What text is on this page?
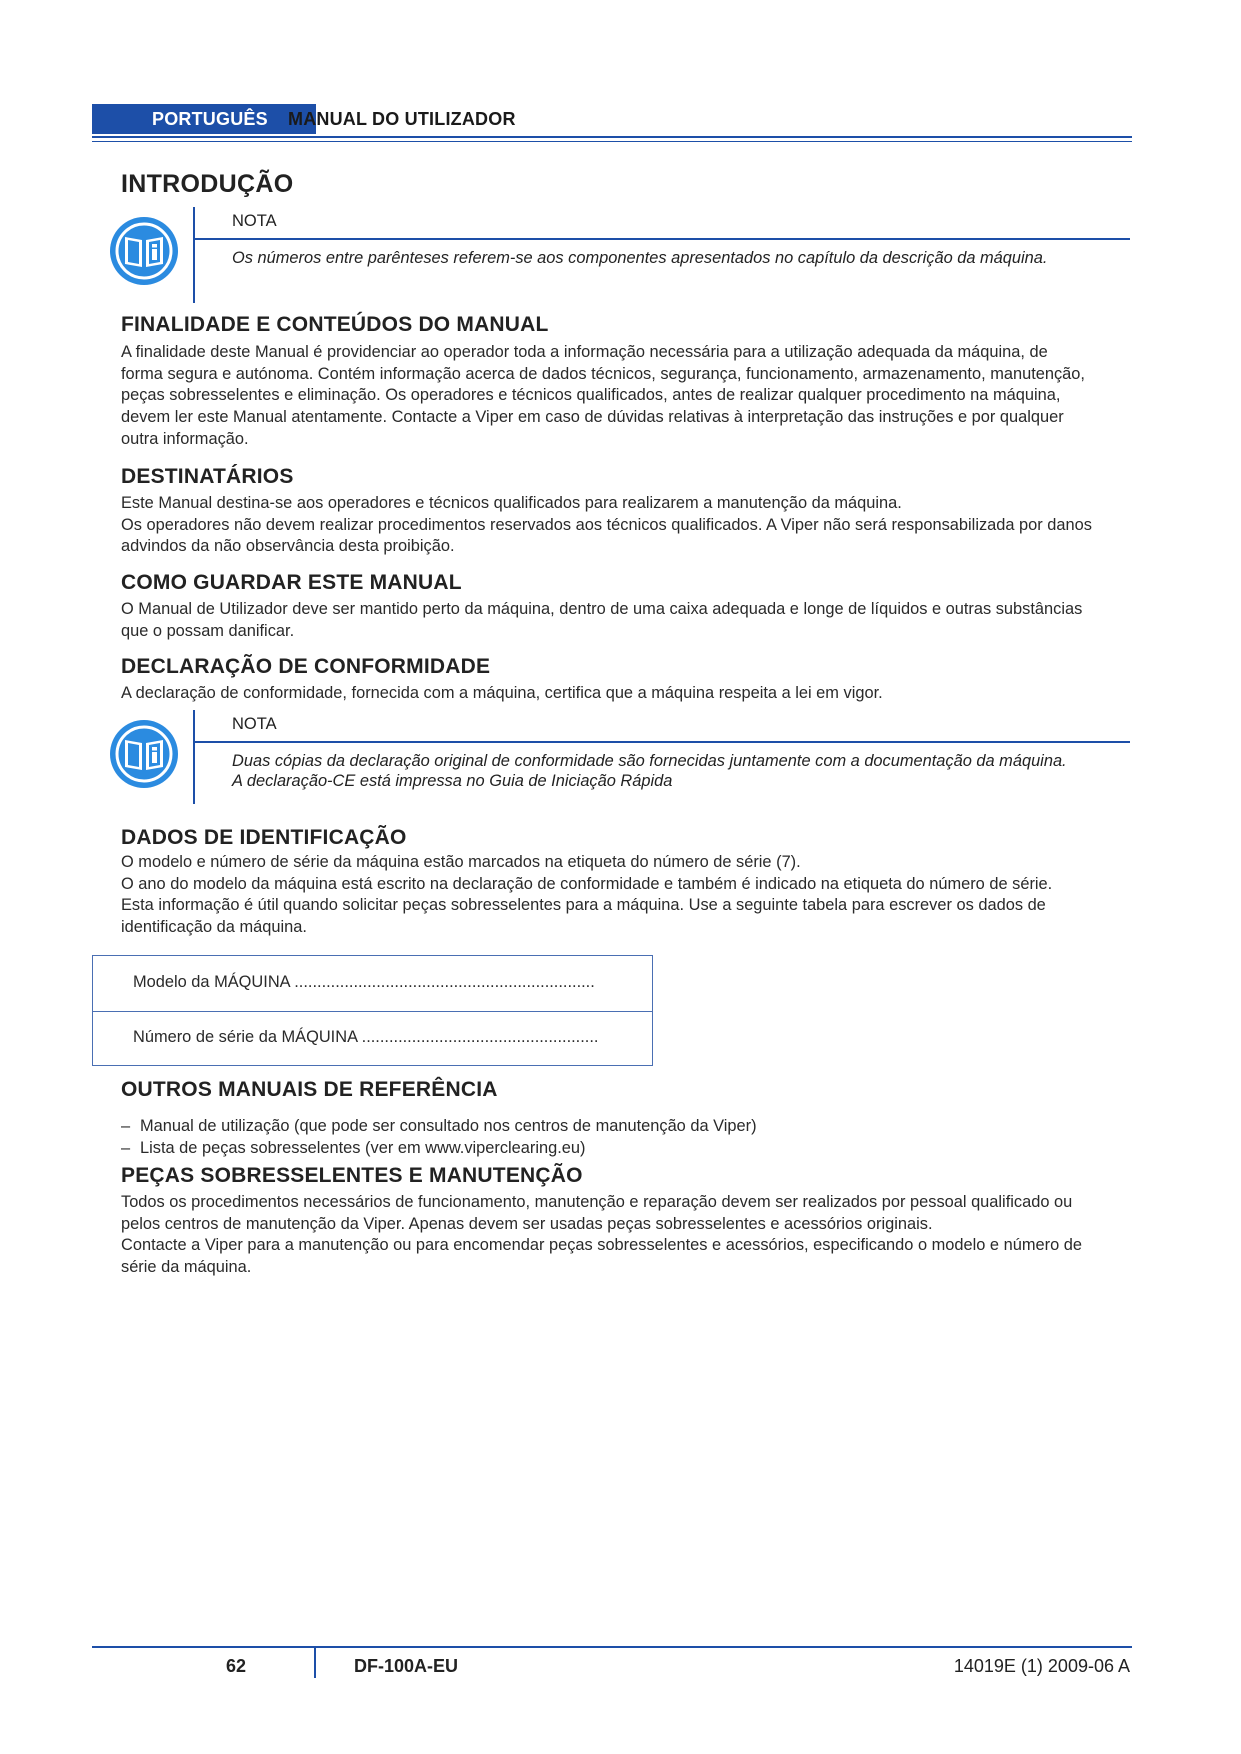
PORTUGUÊS MANUAL DO UTILIZADOR
INTRODUÇÃO
NOTA
Os números entre parênteses referem-se aos componentes apresentados no capítulo da descrição da máquina.
FINALIDADE E CONTEÚDOS DO MANUAL

A finalidade deste Manual é providenciar ao operador toda a informação necessária para a utilização adequada da máquina, de

forma segura e autónoma. Contém informação acerca de dados técnicos, segurança, funcionamento, armazenamento, manutenção,

peças sobresselentes e eliminação. Os operadores e técnicos qualificados, antes de realizar qualquer procedimento na máquina,

devem ler este Manual atentamente. Contacte a Viper em caso de dúvidas relativas à interpretação das instruções e por qualquer

outra informação.

DESTINATÁRIOS

Este Manual destina-se aos operadores e técnicos qualificados para realizarem a manutenção da máquina.

Os operadores não devem realizar procedimentos reservados aos técnicos qualificados. A Viper não será responsabilizada por danos

advindos da não observância desta proibição.

COMO GUARDAR ESTE MANUAL

O Manual de Utilizador deve ser mantido perto da máquina, dentro de uma caixa adequada e longe de líquidos e outras substâncias

que o possam danificar.

DECLARAÇÃO DE CONFORMIDADE

A declaração de conformidade, fornecida com a máquina, certifica que a máquina respeita a lei em vigor.

NOTA

Duas cópias da declaração original de conformidade são fornecidas juntamente com a documentação da máquina.

A declaração-CE está impressa no Guia de Iniciação Rápida

DADOS DE IDENTIFICAÇÃO

O modelo e número de série da máquina estão marcados na etiqueta do número de série (7).

O ano do modelo da máquina está escrito na declaração de conformidade e também é indicado na etiqueta do número de série.

Esta informação é útil quando solicitar peças sobresselentes para a máquina. Use a seguinte tabela para escrever os dados de

identificação da máquina.

Modelo da MÁQUINA ..................................................................
Número de série da MÁQUINA ....................................................
OUTROS MANUAIS DE REFERÊNCIA
– Manual de utilização (que pode ser consultado nos centros de manutenção da Viper)
– Lista de peças sobresselentes (ver em www.viperclearing.eu)
PEÇAS SOBRESSELENTES E MANUTENÇÃO

Todos os procedimentos necessários de funcionamento, manutenção e reparação devem ser realizados por pessoal qualificado ou

pelos centros de manutenção da Viper. Apenas devem ser usadas peças sobresselentes e acessórios originais.

Contacte a Viper para a manutenção ou para encomendar peças sobresselentes e acessórios, especificando o modelo e número de

série da máquina.

62	DF-100A-EU	14019E (1) 2009-06 A
